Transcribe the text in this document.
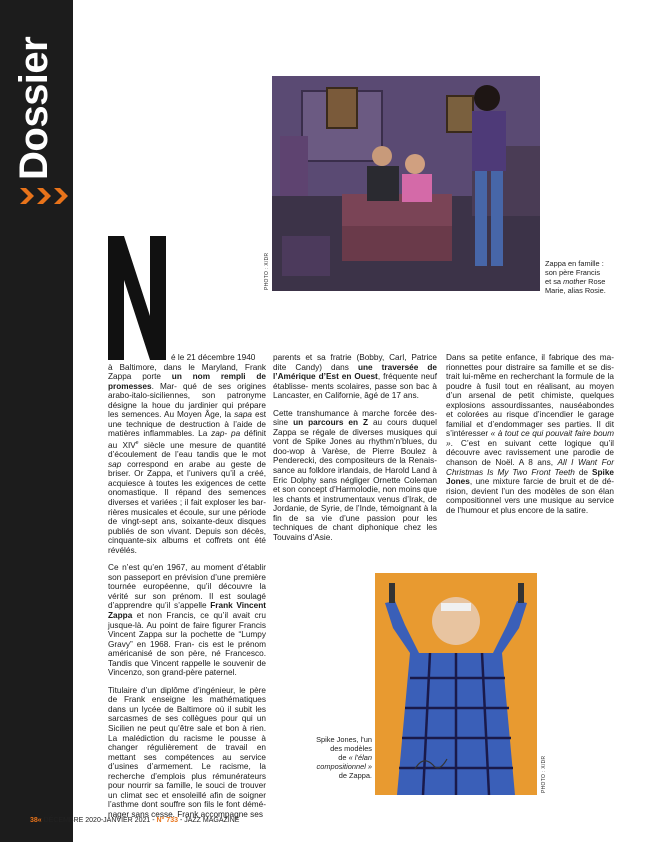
Dossier
PHOTO : X/DR	Zappa en famille :
son père Francis
et sa mother Rose
Marie, alias Rosie.

é le 21 décembre 1940
à Baltimore, dans le Maryland, Frank Zappa porte un nom rempli de promesses. Mar- qué de ses origines arabo-italo-siciliennes, son patronyme désigne la houe du jardinier qui prépare les semences. Au Moyen Âge, la sapa est une technique de destruction à l’aide de matières inflammables. La zap- pa définit au XIVe siècle une mesure de quantité d’écoulement de l’eau tandis que le mot sap correspond en arabe au geste de briser. Or Zappa, et l’univers qu’il a créé, acquiesce à toutes les exigences de cette onomastique. Il répand des semences diverses et variées ; il fait exploser les bar- rières musicales et écoule, sur une période de vingt-sept ans, soixante-deux disques publiés de son vivant. Depuis son décès, cinquante-six albums et coffrets ont été révélés.

Ce n’est qu’en 1967, au moment d’établir son passeport en prévision d’une première tournée européenne, qu’il découvre la vérité sur son prénom. Il est soulagé d’apprendre qu’il s’appelle Frank Vincent Zappa et non Francis, ce qu’il avait cru jusque-là. Au point de faire figurer Francis Vincent Zappa sur la pochette de “Lumpy Gravy” en 1968. Fran- cis est le prénom américanisé de son père, né Francesco. Tandis que Vincent rappelle le souvenir de Vincenzo, son grand-père paternel.

Titulaire d’un diplôme d’ingénieur, le père de Frank enseigne les mathématiques dans un lycée de Baltimore où il subit les sarcasmes de ses collègues pour qui un Sicilien ne peut qu’être sale et bon à rien. La malédiction du racisme le pousse à changer régulièrement de travail en mettant ses compétences au service d’usines d’armement. Le racisme, la recherche d’emplois plus rémunérateurs pour nourrir sa famille, le souci de trouver un climat sec et ensoleillé afin de soigner l’asthme dont souffre son fils le font démé- nager sans cesse. Frank accompagne ses

parents et sa fratrie (Bobby, Carl, Patrice dite Candy) dans une traversée de l’Amérique d’Est en Ouest, fréquente neuf établisse- ments scolaires, passe son bac à Lancaster, en Californie, âgé de 17 ans.

Cette transhumance à marche forcée des- sine un parcours en Z au cours duquel Zappa se régale de diverses musiques qui vont de Spike Jones au rhythm’n’blues, du doo-wop à Varèse, de Pierre Boulez à Penderecki, des compositeurs de la Renais- sance au folklore irlandais, de Harold Land à Eric Dolphy sans négliger Ornette Coleman et son concept d’Harmolodie, non moins que les chants et instrumentaux venus d’Irak, de Jordanie, de Syrie, de l’Inde, témoignant à la fin de sa vie d’une passion pour les techniques de chant diphonique chez les Touvains d’Asie.

Dans sa petite enfance, il fabrique des ma- rionnettes pour distraire sa famille et se dis- trait lui-même en recherchant la formule de la poudre à fusil tout en réalisant, au moyen d’un arsenal de petit chimiste, quelques explosions assourdissantes, nauséabondes et colorées au risque d’incendier le garage familial et d’endommager ses parties. Il dit s’intéresser « à tout ce qui pouvait faire boum ». C’est en suivant cette logique qu’il découvre avec ravissement une parodie de chanson de Noël. A 8 ans, All I Want For Christmas Is My Two Front Teeth de Spike Jones, une mixture farcie de bruit et de dé- rision, devient l’un des modèles de son élan compositionnel vers une musique au service de l’humour et plus encore de la satire.

PHOTO : X/DR
Spike Jones, l’un
des modèles
de « l’élan
compositionnel »
de Zappa.
38« DÉCEMBRE 2020-JANVIER 2021 - N° 733 - JAZZ MAGAZINE
